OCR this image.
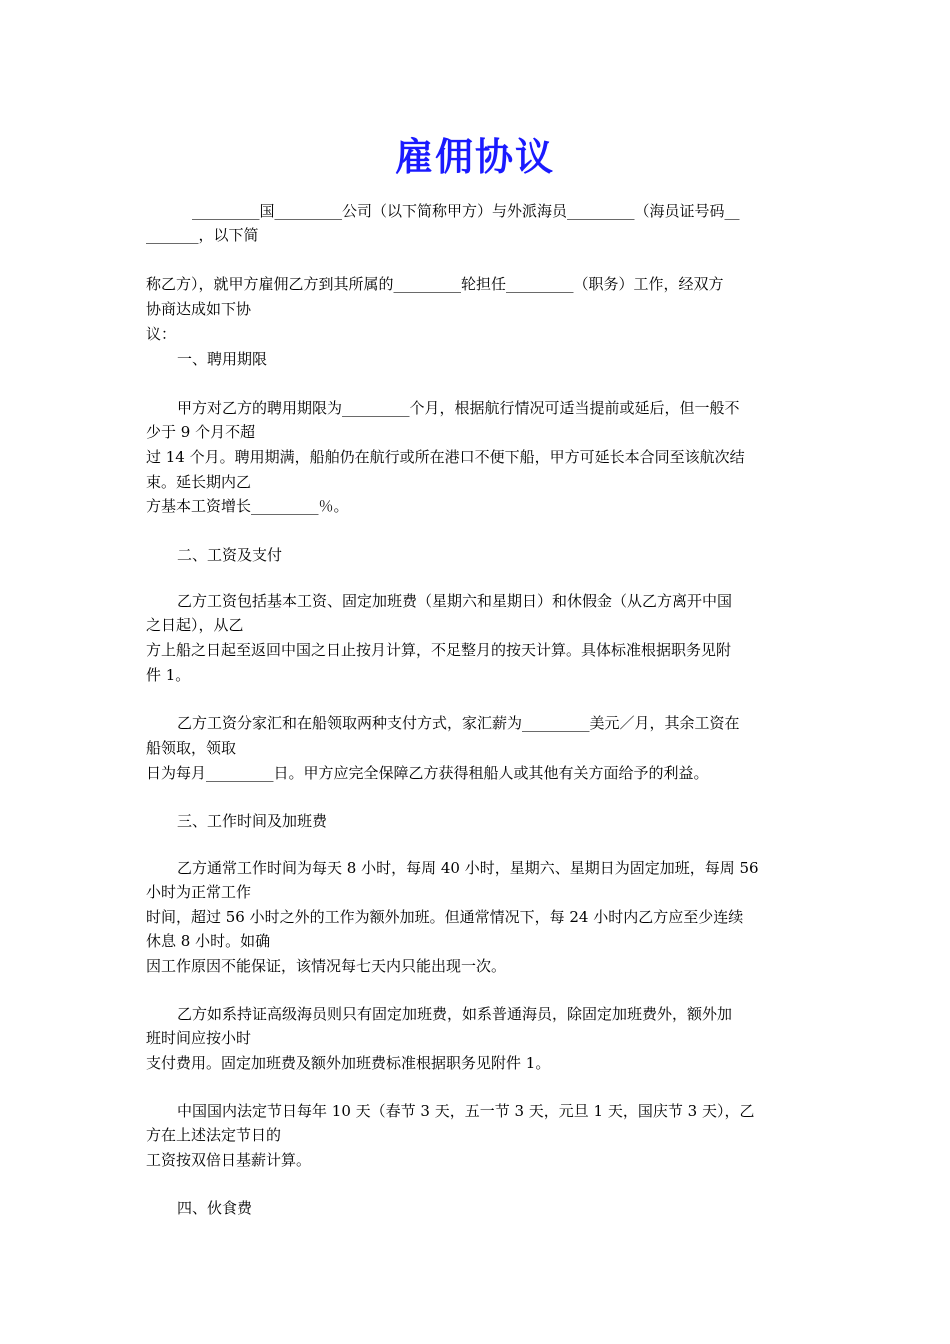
雇佣协议
_________国_________公司（以下简称甲方）与外派海员_________（海员证号码__
_______，以下简
称乙方），就甲方雇佣乙方到其所属的_________轮担任_________（职务）工作，经双方
协商达成如下协
议：
一、聘用期限
甲方对乙方的聘用期限为_________个月，根据航行情况可适当提前或延后，但一般不
少于 9 个月不超
过 14 个月。聘用期满，船舶仍在航行或所在港口不便下船，甲方可延长本合同至该航次结
束。延长期内乙
方基本工资增长_________％。
二、工资及支付
乙方工资包括基本工资、固定加班费（星期六和星期日）和休假金（从乙方离开中国
之日起），从乙
方上船之日起至返回中国之日止按月计算，不足整月的按天计算。具体标准根据职务见附
件 1。
乙方工资分家汇和在船领取两种支付方式，家汇薪为_________美元／月，其余工资在
船领取，领取
日为每月_________日。甲方应完全保障乙方获得租船人或其他有关方面给予的利益。
三、工作时间及加班费
乙方通常工作时间为每天 8 小时，每周 40 小时，星期六、星期日为固定加班，每周 56
小时为正常工作
时间，超过 56 小时之外的工作为额外加班。但通常情况下，每 24 小时内乙方应至少连续
休息 8 小时。如确
因工作原因不能保证，该情况每七天内只能出现一次。
乙方如系持证高级海员则只有固定加班费，如系普通海员，除固定加班费外，额外加
班时间应按小时
支付费用。固定加班费及额外加班费标准根据职务见附件 1。
中国国内法定节日每年 10 天（春节 3 天，五一节 3 天，元旦 1 天，国庆节 3 天），乙
方在上述法定节日的
工资按双倍日基薪计算。
四、伙食费
